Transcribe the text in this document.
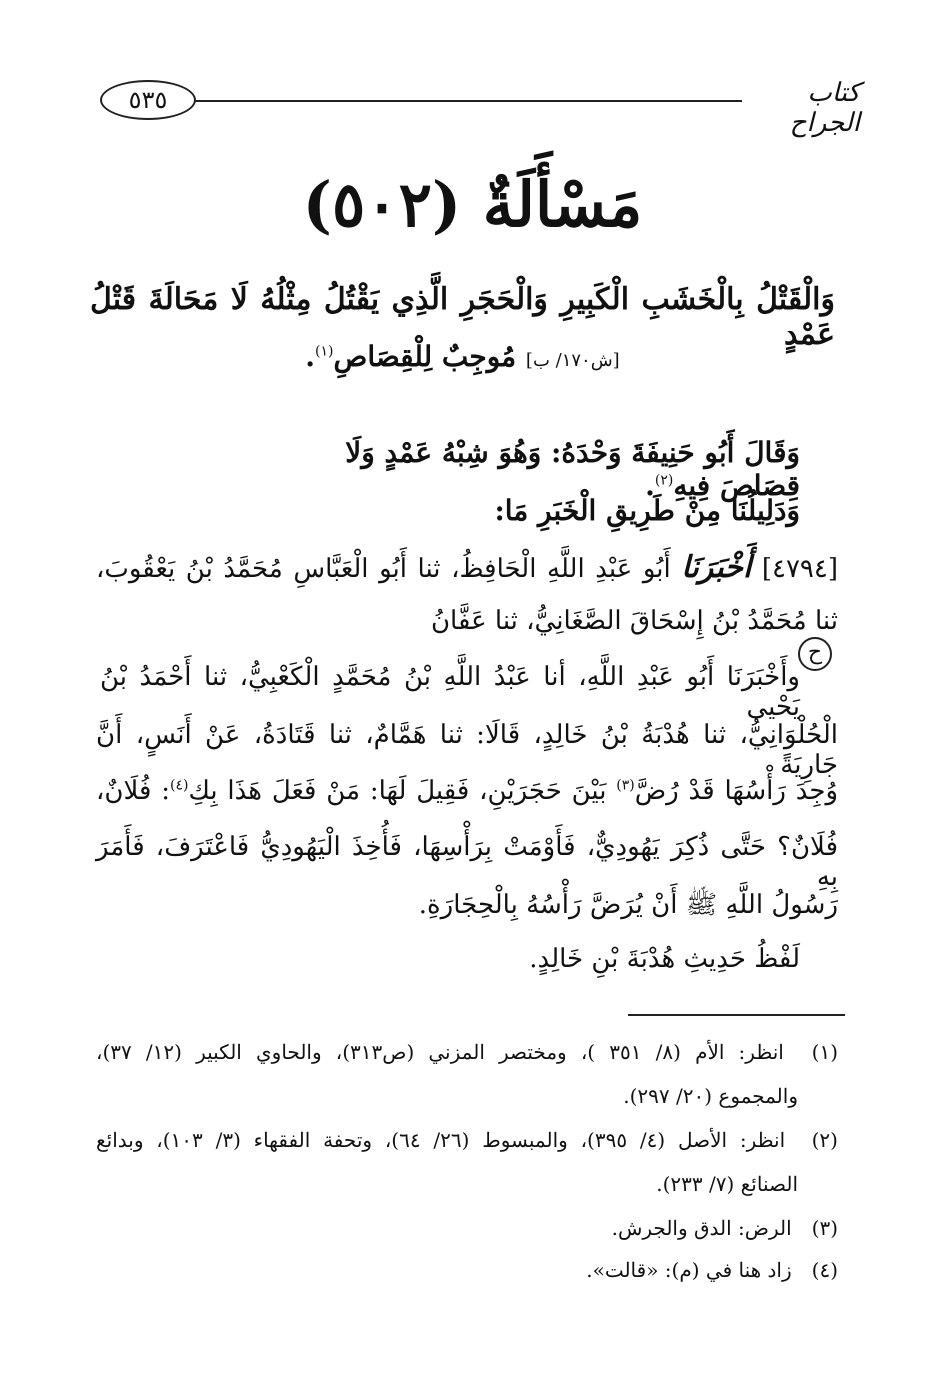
٥٣٥	كتاب الجراح
مَسْأَلَةٌ (٥٠٢)
وَالْقَتْلُ بِالْخَشَبِ الْكَبِيرِ وَالْحَجَرِ الَّذِي يَقْتُلُ مِثْلُهُ لَا مَحَالَةَ قَتْلُ عَمْدٍ
[ش١٧٠/ ب] مُوجِبٌ لِلْقِصَاصِ$^{(١)}$.
وَقَالَ أَبُو حَنِيفَةَ وَحْدَهُ: وَهُوَ شِبْهُ عَمْدٍ وَلَا قِصَاصَ فِيهِ$^{(٢)}$.
وَدَلِيلُنَا مِنْ طَرِيقِ الْخَبَرِ مَا:
[٤٧٩٤] أَخْبَرَنَا أَبُو عَبْدِ اللَّهِ الْحَافِظُ، ثنا أَبُو الْعَبَّاسِ مُحَمَّدُ بْنُ يَعْقُوبَ،
ثنا مُحَمَّدُ بْنُ إِسْحَاقَ الصَّغَانِيُّ، ثنا عَفَّانُ ح
وأَخْبَرَنَا أَبُو عَبْدِ اللَّهِ، أنا عَبْدُ اللَّهِ بْنُ مُحَمَّدٍ الْكَعْبِيُّ، ثنا أَحْمَدُ بْنُ يَحْيى
الْحُلْوَانِيُّ، ثنا هُدْبَةُ بْنُ خَالِدٍ، قَالَا: ثنا هَمَّامٌ، ثنا قَتَادَةُ، عَنْ أَنَسٍ، أَنَّ جَارِيَةً
وُجِدَ رَأْسُهَا قَدْ رُضَّ$^{(٣)}$ بَيْنَ حَجَرَيْنِ، فَقِيلَ لَهَا: مَنْ فَعَلَ هَذَا بِكِ$^{(٤)}$: فُلَانٌ،
فُلَانٌ؟ حَتَّى ذُكِرَ يَهُودِيٌّ، فَأَوْمَتْ بِرَأْسِهَا، فَأُخِذَ الْيَهُودِيُّ فَاعْتَرَفَ، فَأَمَرَ بِهِ
رَسُولُ اللَّهِ ﷺ أَنْ يُرَضَّ رَأْسُهُ بِالْحِجَارَةِ.
لَفْظُ حَدِيثِ هُدْبَةَ بْنِ خَالِدٍ.
(١) انظر: الأم (٨/ ٣٥١ )، ومختصر المزني (ص٣١٣)، والحاوي الكبير (١٢/ ٣٧)،
والمجموع (٢٠/ ٢٩٧).
(٢) انظر: الأصل (٤/ ٣٩٥)، والمبسوط (٢٦/ ٦٤)، وتحفة الفقهاء (٣/ ١٠٣)، وبدائع
الصنائع (٧/ ٢٣٣).
(٣) الرض: الدق والجرش.
(٤) زاد هنا في (م): «قالت».
